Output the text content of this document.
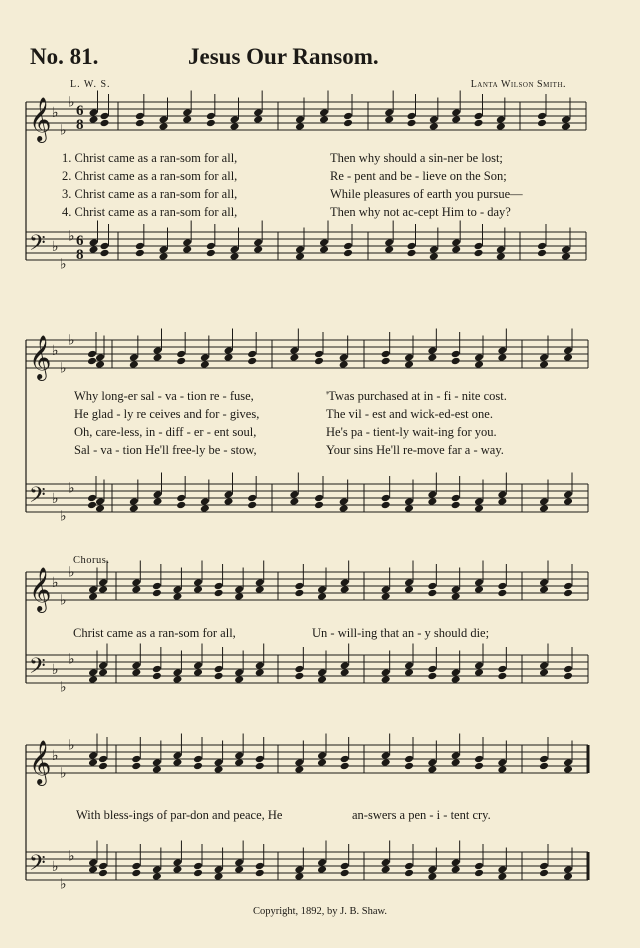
No. 81.	Jesus Our Ransom.
L. W. S.	Lanta Wilson Smith.
𝄞 ♭
♭
♭
𝄢 ♭
♭
♭
6
8
6
8
𝄞 ♭
♭
♭
𝄢 ♭
♭
♭
𝄞 ♭
♭
♭
𝄢 ♭
♭
♭
𝄞 ♭
♭
♭
𝄢 ♭
♭
♭
1. Christ came as a ran-som for all,	Then why should a sin-ner be lost;
2. Christ came as a ran-som for all,	Re - pent and be - lieve on the Son;
3. Christ came as a ran-som for all,	While pleasures of earth you pursue—
4. Christ came as a ran-som for all,	Then why not ac-cept Him to - day?
Why long-er sal - va - tion re - fuse,	'Twas purchased at in - fi - nite cost.
He glad - ly re ceives and for - gives,	The vil - est and wick-ed-est one.
Oh, care-less, in - diff - er - ent soul,	He's pa - tient-ly wait-ing for you.
Sal - va - tion He'll free-ly be - stow,	Your sins He'll re-move far a - way.
Chorus.
Christ came as a ran-som for all,	Un - will-ing that an - y should die;
With bless-ings of par-don and peace, He	an-swers a pen - i - tent cry.
Copyright, 1892, by J. B. Shaw.
